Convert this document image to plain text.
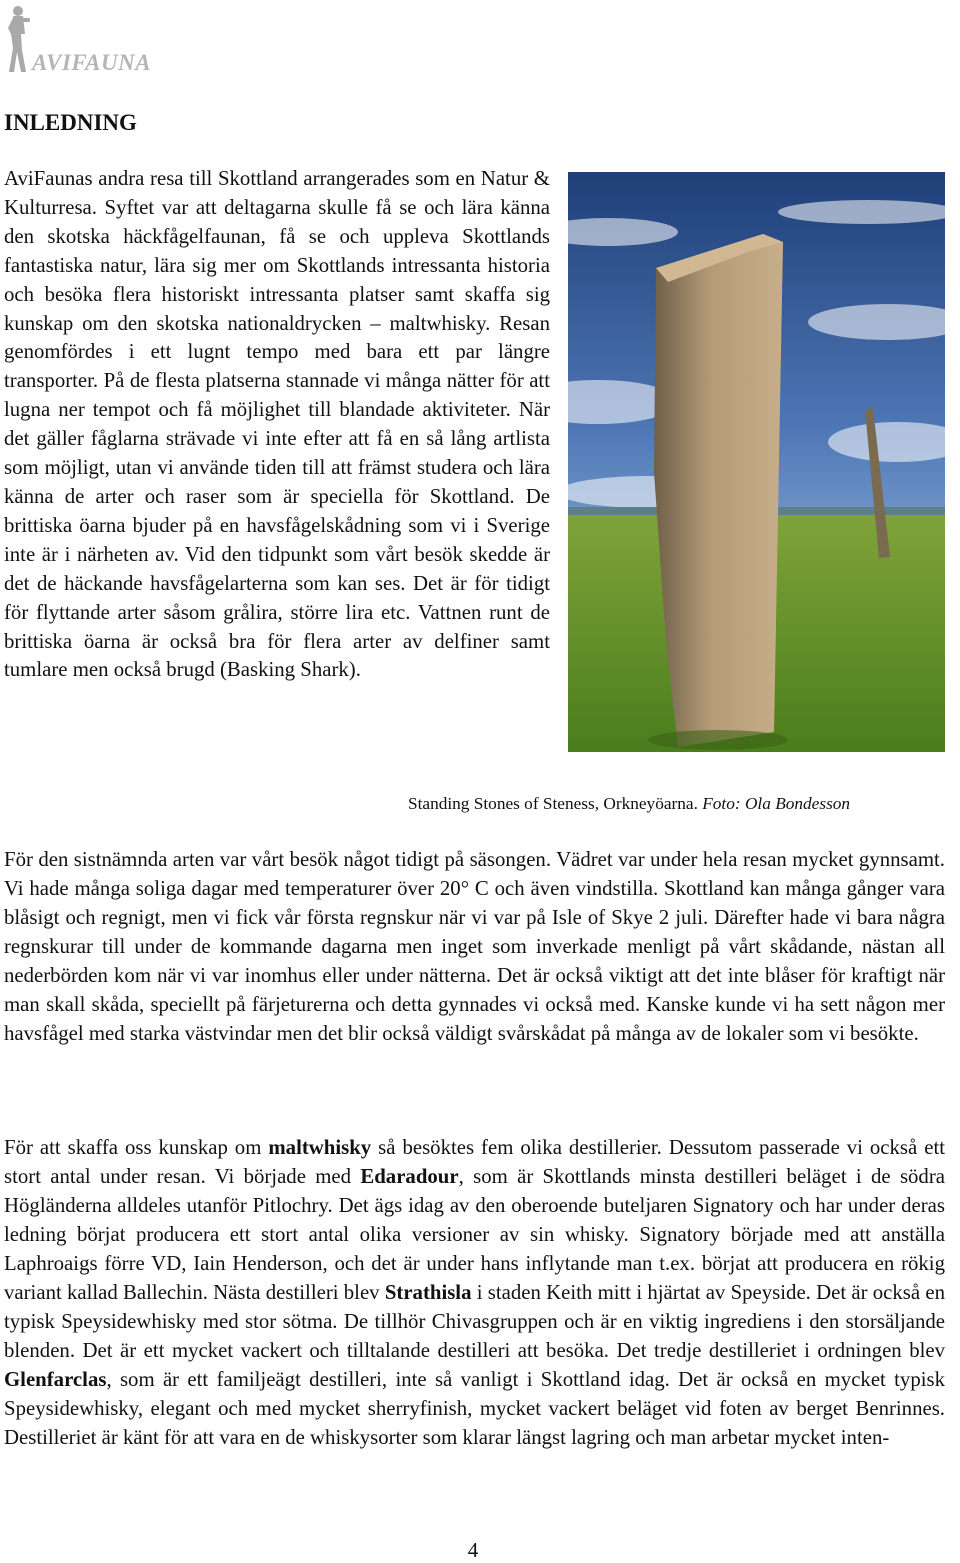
AVIFAUNA
INLEDNING

AviFaunas andra resa till Skottland arrangerades som en Natur & Kulturresa. Syftet var att deltagarna skulle få se och lära känna den skotska häckfågelfaunan, få se och uppleva Skottlands fantastiska natur, lära sig mer om Skottlands intressanta historia och besöka flera historiskt intressanta platser samt skaffa sig kunskap om den skotska nationaldrycken – maltwhisky. Resan genomfördes i ett lugnt tempo med bara ett par längre transporter. På de flesta platserna stannade vi många nätter för att lugna ner tempot och få möjlighet till blandade aktiviteter. När det gäller fåglarna strävade vi inte efter att få en så lång artlista som möjligt, utan vi använde tiden till att främst studera och lära känna de arter och raser som är speciella för Skottland. De brittiska öarna bjuder på en havsfågelskådning som vi i Sverige inte är i närheten av. Vid den tidpunkt som vårt besök skedde är det de häckande havsfågelarterna som kan ses. Det är för tidigt för flyttande arter såsom grålira, större lira etc. Vattnen runt de brittiska öarna är också bra för flera arter av delfiner samt tumlare men också brugd (Basking Shark).

Standing Stones of Steness, Orkneyöarna. Foto: Ola Bondesson

För den sistnämnda arten var vårt besök något tidigt på säsongen. Vädret var under hela resan mycket gynnsamt. Vi hade många soliga dagar med temperaturer över 20° C och även vindstilla. Skottland kan många gånger vara blåsigt och regnigt, men vi fick vår första regnskur när vi var på Isle of Skye 2 juli. Därefter hade vi bara några regnskurar till under de kommande dagarna men inget som inverkade menligt på vårt skådande, nästan all nederbörden kom när vi var inomhus eller under nätterna. Det är också viktigt att det inte blåser för kraftigt när man skall skåda, speciellt på färjeturerna och detta gynnades vi också med. Kanske kunde vi ha sett någon mer havsfågel med starka västvindar men det blir också väldigt svårskådat på många av de lokaler som vi besökte.

För att skaffa oss kunskap om maltwhisky så besöktes fem olika destillerier. Dessutom passerade vi också ett stort antal under resan. Vi började med Edaradour, som är Skottlands minsta destilleri beläget i de södra Högländerna alldeles utanför Pitlochry. Det ägs idag av den oberoende buteljaren Signatory och har under deras ledning börjat producera ett stort antal olika versioner av sin whisky. Signatory började med att anställa Laphroaigs förre VD, Iain Henderson, och det är under hans inflytande man t.ex. börjat att producera en rökig variant kallad Ballechin. Nästa destilleri blev Strathisla i staden Keith mitt i hjärtat av Speyside. Det är också en typisk Speysidewhisky med stor sötma. De tillhör Chivasgruppen och är en viktig ingrediens i den storsäljande blenden. Det är ett mycket vackert och tilltalande destilleri att besöka. Det tredje destilleriet i ordningen blev Glenfarclas, som är ett familjeägt destilleri, inte så vanligt i Skottland idag. Det är också en mycket typisk Speysidewhisky, elegant och med mycket sherryfinish, mycket vackert beläget vid foten av berget Benrinnes. Destilleriet är känt för att vara en de whiskysorter som klarar längst lagring och man arbetar mycket inten-

4
